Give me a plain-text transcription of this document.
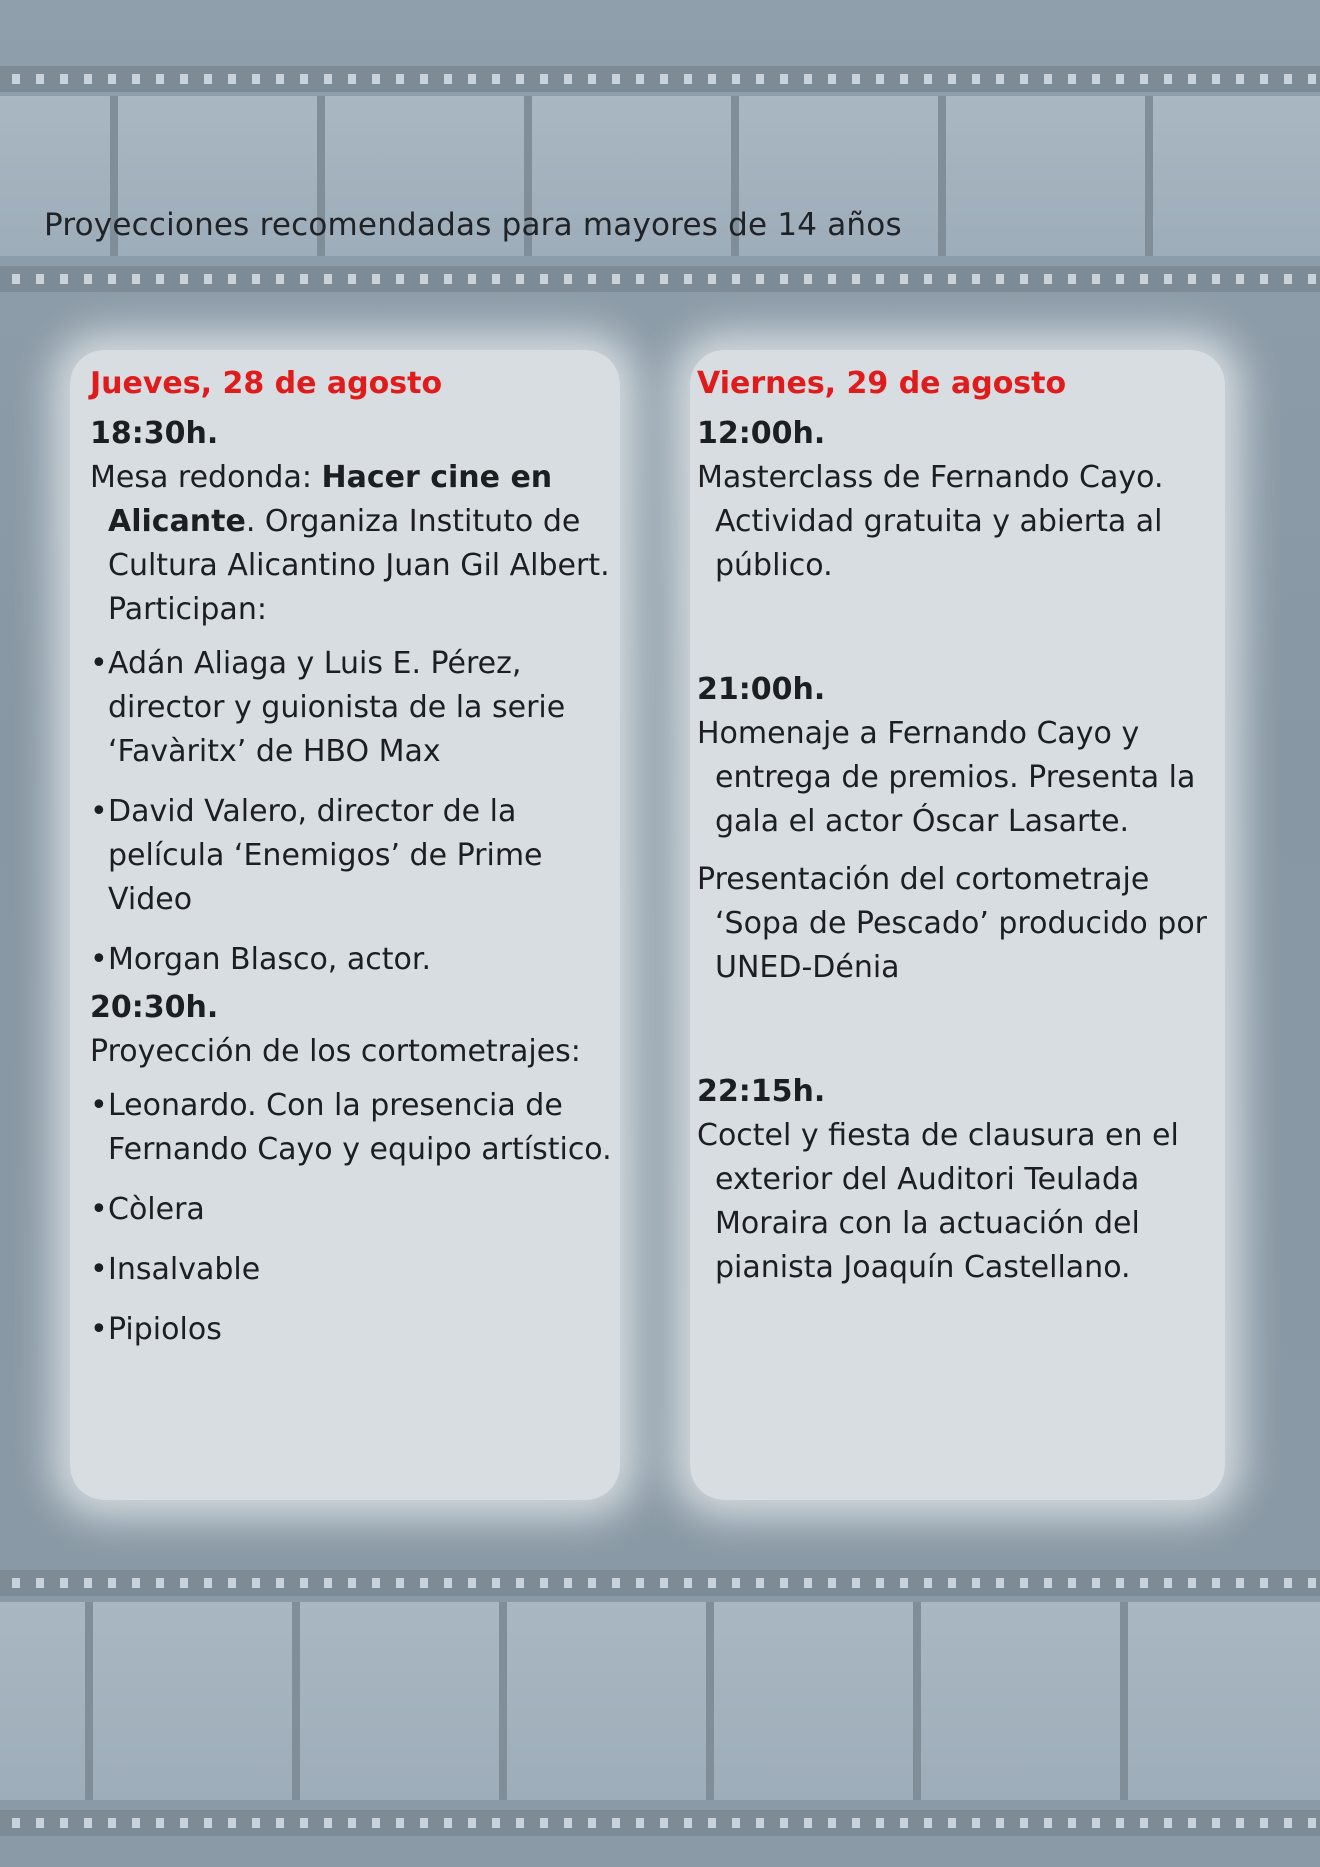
Proyecciones recomendadas para mayores de 14 años

Jueves, 28 de agosto

18:30h.

Mesa redonda: Hacer cine en Alicante. Organiza Instituto de Cultura Alicantino Juan Gil Albert. Participan:

• Adán Aliaga y Luis E. Pérez, director y guionista de la serie ‘Favàritx’ de HBO Max
• David Valero, director de la película ‘Enemigos’ de Prime Video
• Morgan Blasco, actor.

20:30h.

Proyección de los cortometrajes:

• Leonardo. Con la presencia de Fernando Cayo y equipo artístico.
• Còlera
• Insalvable
• Pipiolos

Viernes, 29 de agosto

12:00h.

Masterclass de Fernando Cayo. Actividad gratuita y abierta al público.

21:00h.

Homenaje a Fernando Cayo y entrega de premios. Presenta la gala el actor Óscar Lasarte.

Presentación del cortometraje ‘Sopa de Pescado’ producido por UNED-Dénia

22:15h.

Coctel y fiesta de clausura en el exterior del Auditori Teulada Moraira con la actuación del pianista Joaquín Castellano.
